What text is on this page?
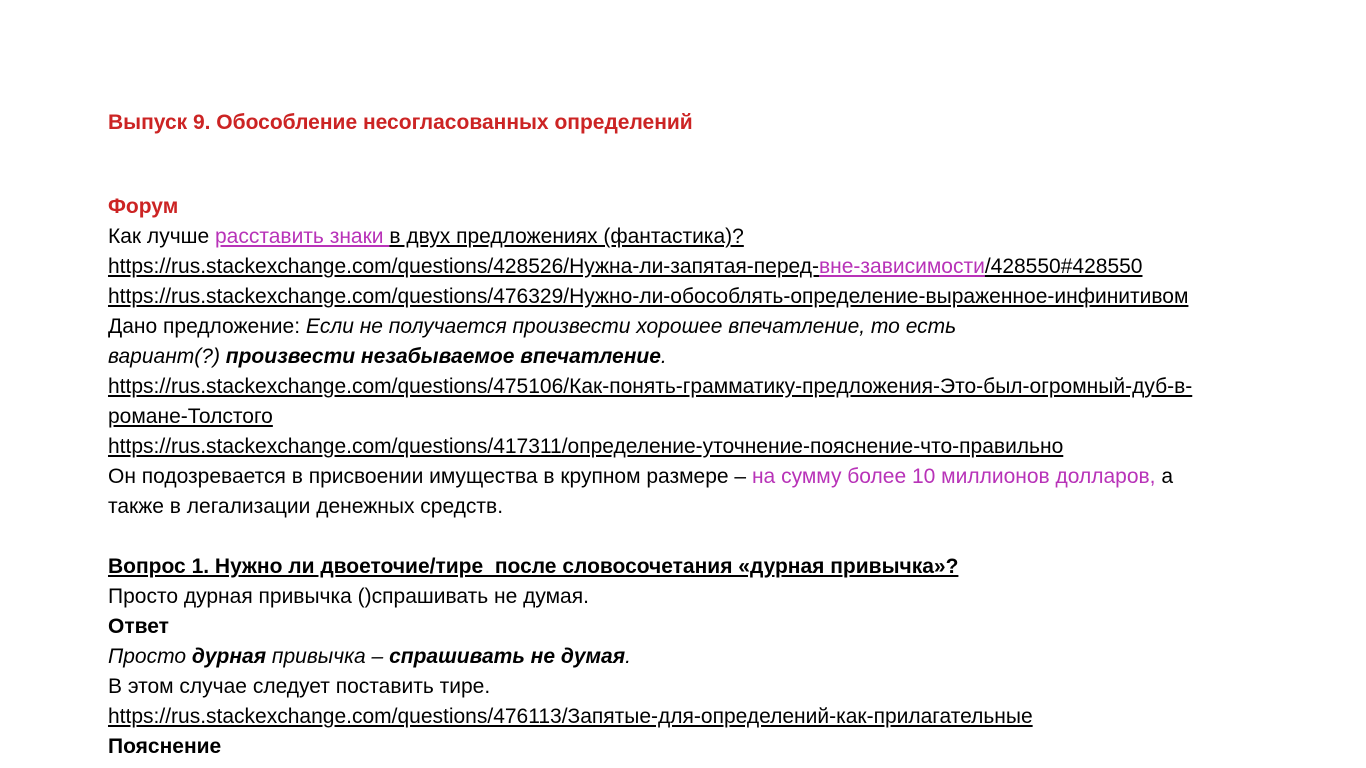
Выпуск 9. Обособление несогласованных определений

Форум

Как лучше расставить знаки в двух предложениях (фантастика)?

https://rus.stackexchange.com/questions/428526/Нужна-ли-запятая-перед-вне-зависимости/428550#428550

https://rus.stackexchange.com/questions/476329/Нужно-ли-обособлять-определение-выраженное-инфинитивом

Дано предложение: Если не получается произвести хорошее впечатление, то есть

вариант(?) произвести незабываемое впечатление.

https://rus.stackexchange.com/questions/475106/Как-понять-грамматику-предложения-Это-был-огромный-дуб-в-романе-Толстого

https://rus.stackexchange.com/questions/417311/определение-уточнение-пояснение-что-правильно

Он подозревается в присвоении имущества в крупном размере – на сумму более 10 миллионов долларов, а также в легализации денежных средств.

Вопрос 1. Нужно ли двоеточие/тире  после словосочетания «дурная привычка»?

Просто дурная привычка ()спрашивать не думая.

Ответ

Просто дурная привычка – спрашивать не думая.

В этом случае следует поставить тире.

https://rus.stackexchange.com/questions/476113/Запятые-для-определений-как-прилагательные

Пояснение
